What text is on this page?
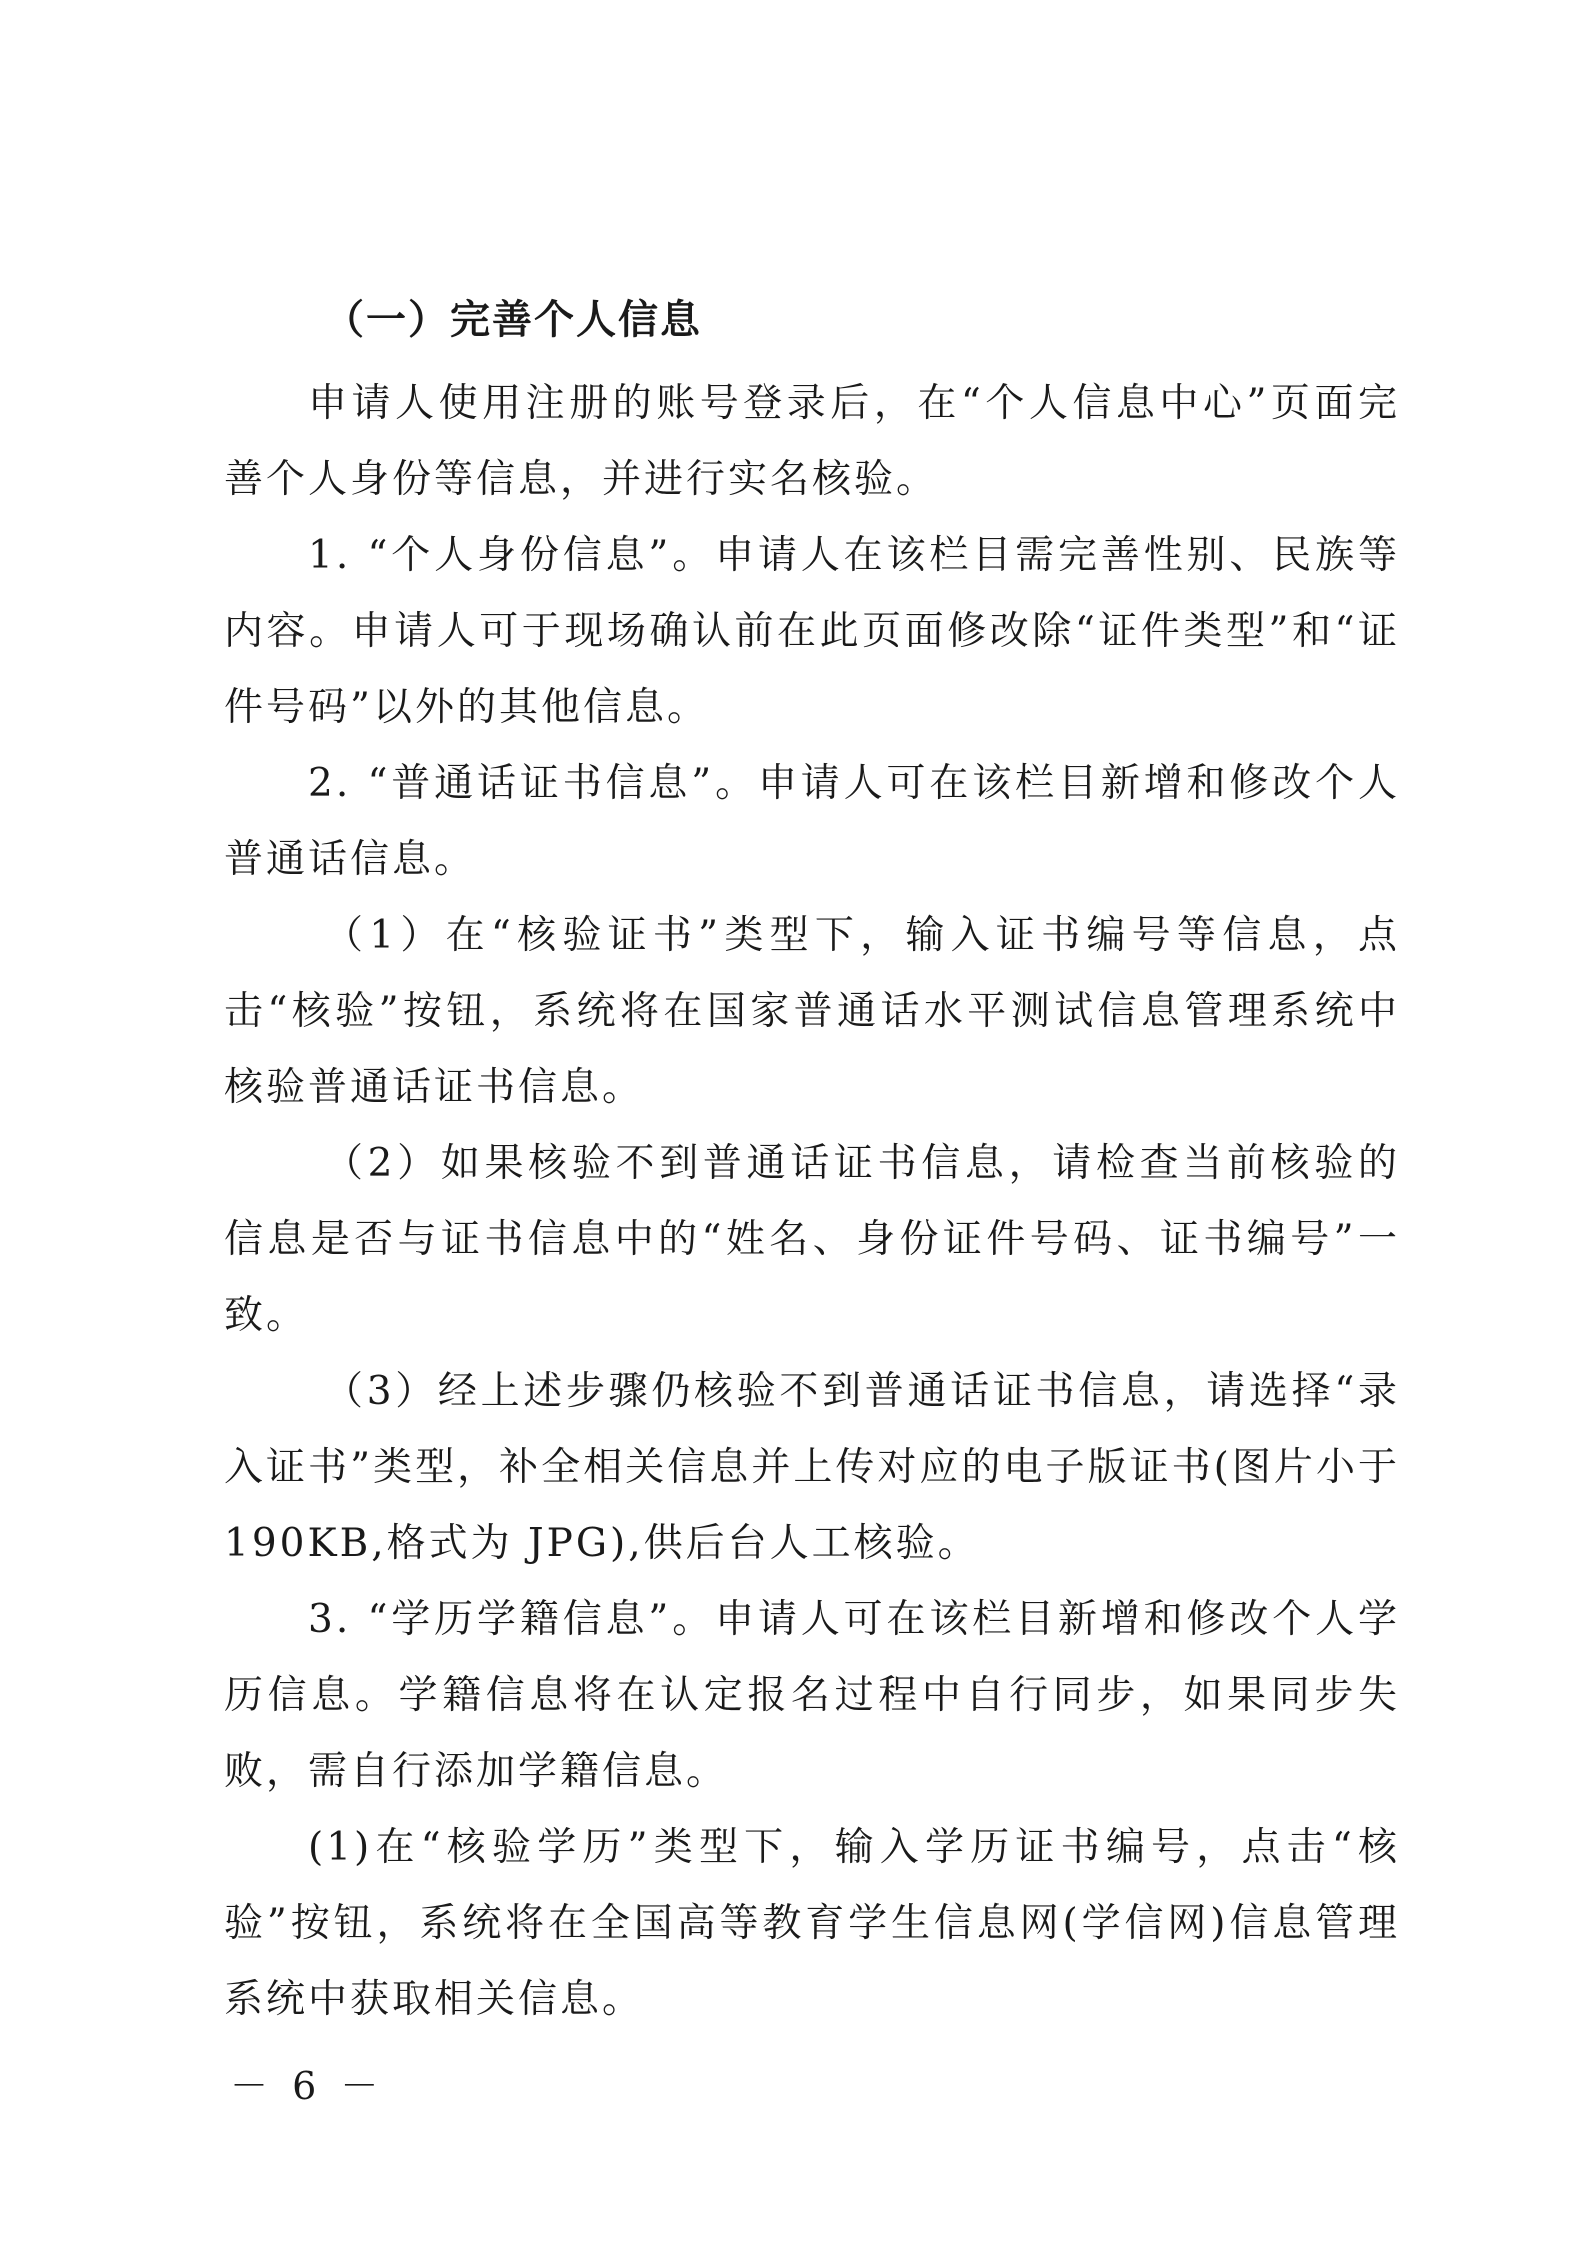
（一）完善个人信息

申请人使用注册的账号登录后，在“个人信息中心”页面完善个人身份等信息，并进行实名核验。

1. “个人身份信息”。申请人在该栏目需完善性别、民族等内容。申请人可于现场确认前在此页面修改除“证件类型”和“证件号码”以外的其他信息。

2. “普通话证书信息”。申请人可在该栏目新增和修改个人普通话信息。

（1）在“核验证书”类型下，输入证书编号等信息，点击“核验”按钮，系统将在国家普通话水平测试信息管理系统中核验普通话证书信息。

（2）如果核验不到普通话证书信息，请检查当前核验的信息是否与证书信息中的“姓名、身份证件号码、证书编号”一致。

（3）经上述步骤仍核验不到普通话证书信息，请选择“录入证书”类型，补全相关信息并上传对应的电子版证书(图片小于 190KB,格式为 JPG),供后台人工核验。

3. “学历学籍信息”。申请人可在该栏目新增和修改个人学历信息。学籍信息将在认定报名过程中自行同步，如果同步失败，需自行添加学籍信息。

(1)在“核验学历”类型下，输入学历证书编号，点击“核验”按钮，系统将在全国高等教育学生信息网(学信网)信息管理系统中获取相关信息。

－ 6 －
